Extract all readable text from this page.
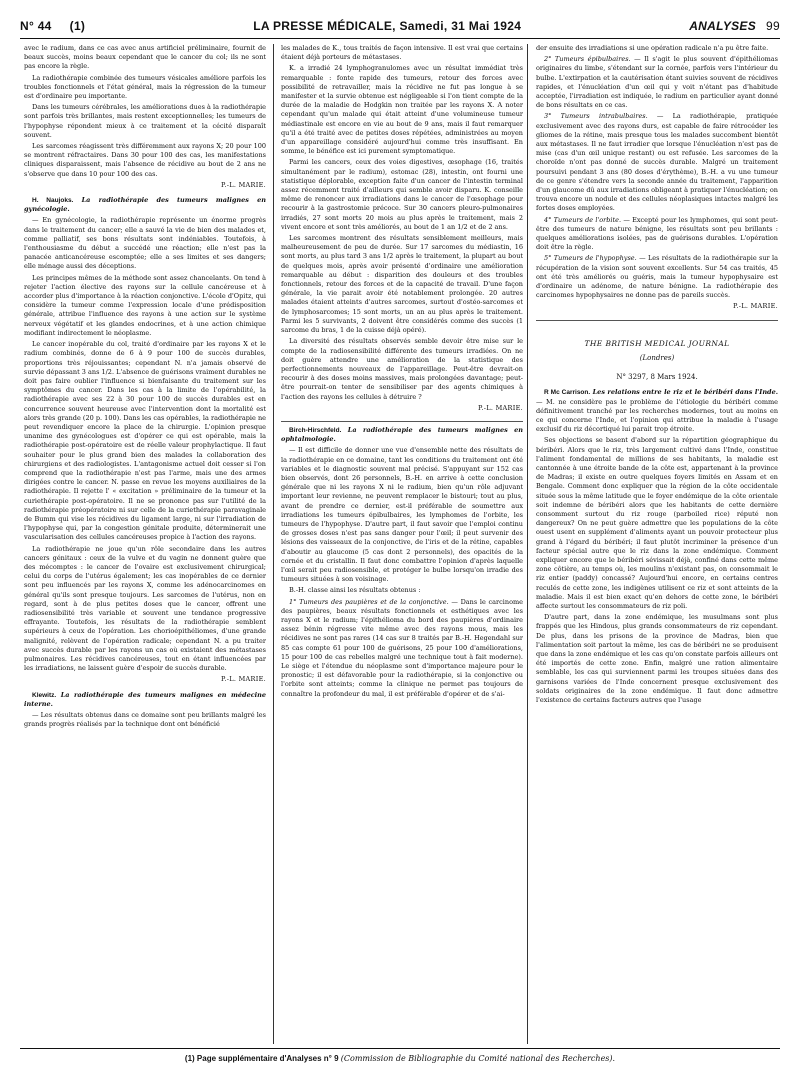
N° 44 (1)	LA PRESSE MÉDICALE, Samedi, 31 Mai 1924	ANALYSES 99

avec le radium, dans ce cas avec anus artificiel préliminaire, fournit de beaux succès, moins beaux cependant que le cancer du col; ils ne sont pas encore la règle.

La radiothérapie combinée des tumeurs vésicales améliore parfois les troubles fonctionnels et l'état général, mais la régression de la tumeur est d'ordinaire peu importante.

Dans les tumeurs cérébrales, les améliorations dues à la radiothérapie sont parfois très brillantes, mais restent exceptionnelles; les tumeurs de l'hypophyse répondent mieux à ce traitement et la cécité disparaît souvent.

Les sarcomes réagissent très différemment aux rayons X; 20 pour 100 se montrent réfractaires. Dans 30 pour 100 des cas, les manifestations cliniques disparaissent, mais l'absence de récidive au bout de 2 ans ne s'observe que dans 10 pour 100 des cas.

P.-L. MARIE.

H. Naujoks. La radiothérapie des tumeurs malignes en gynécologie.

— En gynécologie, la radiothérapie représente un énorme progrès dans le traitement du cancer; elle a sauvé la vie de bien des malades et, comme palliatif, ses bons résultats sont indéniables. Toutefois, à l'enthousiasme du début a succédé une réaction; elle n'est pas la panacée anticancéreuse escomptée; elle a ses limites et ses dangers; elle ménage aussi des déceptions.

Les principes mêmes de la méthode sont assez chancelants. On tend à rejeter l'action élective des rayons sur la cellule cancéreuse et à accorder plus d'importance à la réaction conjonctive. L'école d'Opitz, qui considère la tumeur comme l'expression locale d'une prédisposition générale, attribue l'influence des rayons à une action sur le système nerveux végétatif et les glandes endocrines, et à une action chimique modifiant indirectement le néoplasme.

Le cancer inopérable du col, traité d'ordinaire par les rayons X et le radium combinés, donne de 6 à 9 pour 100 de succès durables, proportions très réjouissantes; cependant N. n'a jamais observé de survie dépassant 3 ans 1/2. L'absence de guérisons vraiment durables ne doit pas faire oublier l'influence si bienfaisante du traitement sur les symptômes du cancer. Dans les cas à la limite de l'opérabilité, la radiothérapie avec ses 22 à 30 pour 100 de succès durables est en concurrence souvent heureuse avec l'intervention dont la mortalité est alors très grande (20 p. 100). Dans les cas opérables, la radiothérapie ne peut revendiquer encore la place de la chirurgie. L'opinion presque unanime des gynécologues est d'opérer ce qui est opérable, mais la radiothérapie post-opératoire est de réelle valeur prophylactique. Il faut souhaiter pour le plus grand bien des malades la collaboration des chirurgiens et des radiologistes. L'antagonisme actuel doit cesser si l'on comprend que la radiothérapie n'est pas l'arme, mais une des armes dirigées contre le cancer. N. passe en revue les moyens auxiliaires de la radiothérapie. Il rejette l' « excitation » préliminaire de la tumeur et la curiethérapie post-opératoire. Il ne se prononce pas sur l'utilité de la radiothérapie préopératoire ni sur celle de la curiethérapie paravaginale de Bumm qui vise les récidives du ligament large, ni sur l'irradiation de l'hypophyse qui, par la congestion génitale produite, déterminerait une vascularisation des cellules cancéreuses propice à l'action des rayons.

La radiothérapie ne joue qu'un rôle secondaire dans les autres cancers génitaux : ceux de la vulve et du vagin ne donnent guère que des mécomptes : le cancer de l'ovaire est exclusivement chirurgical; celui du corps de l'utérus également; les cas inopérables de ce dernier sont peu influencés par les rayons X, comme les adénocarcinomes en général qu'ils sont presque toujours. Les sarcomes de l'utérus, non en regard, sont à de plus petites doses que le cancer, offrent une radiosensibilité très variable et souvent une tendance progressive effrayante. Toutefois, les résultats de la radiothérapie semblent supérieurs à ceux de l'opération. Les chorioépithéliomes, d'une grande malignité, relèvent de l'opération radicale; cependant N. a pu traiter avec succès durable par les rayons un cas où existaient des métastases pulmonaires. Les récidives cancéreuses, tout en étant influencées par les irradiations, ne laissent guère d'espoir de succès durable.

P.-L. MARIE.

Klewitz. La radiothérapie des tumeurs malignes en médecine interne.

— Les résultats obtenus dans ce domaine sont peu brillants malgré les grands progrès réalisés par la technique dont ont bénéficié

les malades de K., tous traités de façon intensive. Il est vrai que certains étaient déjà porteurs de métastases.

K. a irradié 24 lymphogranulomes avec un résultat immédiat très remarquable : fonte rapide des tumeurs, retour des forces avec possibilité de retravailler, mais la récidive ne fut pas longue à se manifester et la survie obtenue est négligeable si l'on tient compte de la durée de la maladie de Hodgkin non traitée par les rayons X. A noter cependant qu'un malade qui était atteint d'une volumineuse tumeur médiastinale est encore en vie au bout de 9 ans, mais il faut remarquer qu'il a été traité avec de petites doses répétées, administrées au moyen d'un appareillage considéré aujourd'hui comme très insuffisant. En somme, le bénéfice est ici purement symptomatique.

Parmi les cancers, ceux des voies digestives, œsophage (16, traités simultanément par le radium), estomac (28), intestin, ont fourni une statistique déplorable, exception faite d'un cancer de l'intestin terminal assez récemment traité d'ailleurs qui semble avoir disparu. K. conseille même de renoncer aux irradiations dans le cancer de l'œsophage pour recourir à la gastrostomie précoce. Sur 30 cancers pleuro-pulmonaires irradiés, 27 sont morts 20 mois au plus après le traitement, mais 2 vivent encore et sont très améliorés, au bout de 1 an 1/2 et de 2 ans.

Les sarcomes montrent des résultats sensiblement meilleurs, mais malheureusement de peu de durée. Sur 17 sarcomes du médiastin, 16 sont morts, au plus tard 3 ans 1/2 après le traitement, la plupart au bout de quelques mois, après avoir présenté d'ordinaire une amélioration remarquable au début : disparition des douleurs et des troubles fonctionnels, retour des forces et de la capacité de travail. D'une façon générale, la vie parait avoir été notablement prolongée. 20 autres malades étaient atteints d'autres sarcomes, surtout d'ostéo-sarcomes et de lymphosarcomes; 15 sont morts, un an au plus après le traitement. Parmi les 5 survivants, 2 doivent être considérés comme des succès (1 sarcome du bras, 1 de la cuisse déjà opéré).

La diversité des résultats observés semble devoir être mise sur le compte de la radiosensibilité différente des tumeurs irradiées. On ne doit guère attendre une amélioration de la statistique des perfectionnements nouveaux de l'appareillage. Peut-être devrait-on recourir à des doses moins massives, mais prolongées davantage; peut-être pourrait-on tenter de sensibiliser par des agents chimiques à l'action des rayons les cellules à détruire ?

P.-L. MARIE.

Birch-Hirschfeld. La radiothérapie des tumeurs malignes en ophtalmologie.

— Il est difficile de donner une vue d'ensemble nette des résultats de la radiothérapie en ce domaine, tant les conditions du traitement ont été variables et le diagnostic souvent mal précisé. S'appuyant sur 152 cas bien observés, dont 26 personnels, B.-H. en arrive à cette conclusion générale que ni les rayons X ni le radium, bien qu'un rôle adjuvant important leur revienne, ne peuvent remplacer le bistouri; tout au plus, avant de prendre ce dernier, est-il préférable de soumettre aux irradiations les tumeurs épibulbaires, les lymphomes de l'orbite, les tumeurs de l'hypophyse. D'autre part, il faut savoir que l'emploi continu de grosses doses n'est pas sans danger pour l'œil; il peut survenir des lésions des vaisseaux de la conjonctive, de l'iris et de la rétine, capables d'aboutir au glaucome (5 cas dont 2 personnels), des opacités de la cornée et du cristallin. Il faut donc combattre l'opinion d'après laquelle l'œil serait peu radiosensible, et protéger le bulbe lorsqu'on irradie des tumeurs situées à son voisinage.

B.-H. classe ainsi les résultats obtenus :

1° Tumeurs des paupières et de la conjonctive. — Dans le carcinome des paupières, beaux résultats fonctionnels et esthétiques avec les rayons X et le radium; l'épithélioma du bord des paupières d'ordinaire assez bénin régresse vite même avec des rayons mous, mais les récidives ne sont pas rares (14 cas sur 8 traités par B.-H. Hegendahl sur 85 cas compte 61 pour 100 de guérisons, 25 pour 100 d'améliorations, 15 pour 100 de cas rebelles malgré une technique tout à fait moderne). Le siège et l'étendue du néoplasme sont d'importance majeure pour le pronostic; il est défavorable pour la radiothérapie, si la conjonctive ou l'orbite sont atteints; comme la clinique ne permet pas toujours de connaître la profondeur du mal, il est préférable d'opérer et de s'ai-

der ensuite des irradiations si une opération radicale n'a pu être faite.

2° Tumeurs épibulbaires. — Il s'agit le plus souvent d'épithéliomas originaires du limbe, s'étendant sur la cornée, parfois vers l'intérieur du bulbe. L'extirpation et la cautérisation étant suivies souvent de récidives rapides, et l'énucléation d'un œil qui y voit n'étant pas d'habitude acceptée, l'irradiation est indiquée, le radium en particulier ayant donné de bons résultats en ce cas.

3° Tumeurs intrabulbaires. — La radiothérapie, pratiquée exclusivement avec des rayons durs, est capable de faire rétrocéder les gliomes de la rétine, mais presque tous les malades succombent bientôt aux métastases. Il ne faut irradier que lorsque l'énucléation n'est pas de mise (cas d'un œil unique restant) ou est refusée. Les sarcomes de la choroïde n'ont pas donné de succès durable. Malgré un traitement poursuivi pendant 3 ans (80 doses d'érythème), B.-H. a vu une tumeur de ce genre s'étendre vers la seconde année du traitement, l'apparition d'un glaucome dû aux irradiations obligeant à pratiquer l'énucléation; on trouva encore un nodule et des cellules néoplasiques intactes malgré les fortes doses employées.

4° Tumeurs de l'orbite. — Excepté pour les lymphomes, qui sont peut-être des tumeurs de nature bénigne, les résultats sont peu brillants : quelques améliorations isolées, pas de guérisons durables. L'opération doit être la règle.

5° Tumeurs de l'hypophyse. — Les résultats de la radiothérapie sur la récupération de la vision sont souvent excellents. Sur 54 cas traités, 45 ont été très améliorés ou guéris, mais la tumeur hypophysaire est d'ordinaire un adénome, de nature bénigne. La radiothérapie des carcinomes hypophysaires ne donne pas de pareils succès.

P.-L. MARIE.
THE BRITISH MEDICAL JOURNAL
(Londres)
N° 3297, 8 Mars 1924.

R Mc Carrison. Les relations entre le riz et le béribéri dans l'Inde. — M. ne considère pas le problème de l'étiologie du béribéri comme définitivement tranché par les recherches modernes, tout au moins en ce qui concerne l'Inde, et l'opinion qui attribue la maladie à l'usage exclusif du riz décortiqué lui parait trop étroite.

Ses objections se basent d'abord sur la répartition géographique du béribéri. Alors que le riz, très largement cultivé dans l'Inde, constitue l'aliment fondamental de millions de ses habitants, la maladie est cantonnée à une étroite bande de la côte est, appartenant à la province de Madras; il existe en outre quelques foyers limités en Assam et en Bengale. Comment donc expliquer que la région de la côte occidentale située sous la même latitude que le foyer endémique de la côte orientale soit indemne de béribéri alors que les habitants de cette dernière consomment surtout du riz rouge (parboiled rice) réputé non dangereux? On ne peut guère admettre que les populations de la côte ouest usent en supplément d'aliments ayant un pouvoir protecteur plus grand à l'égard du béribéri; il faut plutôt incriminer la présence d'un facteur spécial autre que le riz dans la zone endémique. Comment expliquer encore que le béribéri sévissait déjà, confiné dans cette même zone côtière, au temps où, les moulins n'existant pas, on consommait le riz entier (paddy) concassé? Aujourd'hui encore, en certains centres reculés de cette zone, les indigènes utilisent ce riz et sont atteints de la maladie. Mais il est bien exact qu'en dehors de cette zone, le béribéri affecte surtout les consommateurs de riz poli.

D'autre part, dans la zone endémique, les musulmans sont plus frappés que les Hindous, plus grands consommateurs de riz cependant. De plus, dans les prisons de la province de Madras, bien que l'alimentation soit partout la même, les cas de béribéri ne se produisent que dans la zone endémique et les cas qu'on constate parfois ailleurs ont été importés de cette zone. Enfin, malgré une ration alimentaire semblable, les cas qui surviennent parmi les troupes situées dans des garnisons variées de l'Inde concernent presque exclusivement des soldats originaires de la zone endémique. Il faut donc admettre l'existence de certains facteurs autres que l'usage

(1) Page supplémentaire d'Analyses n° 9 (Commission de Bibliographie du Comité national des Recherches).
